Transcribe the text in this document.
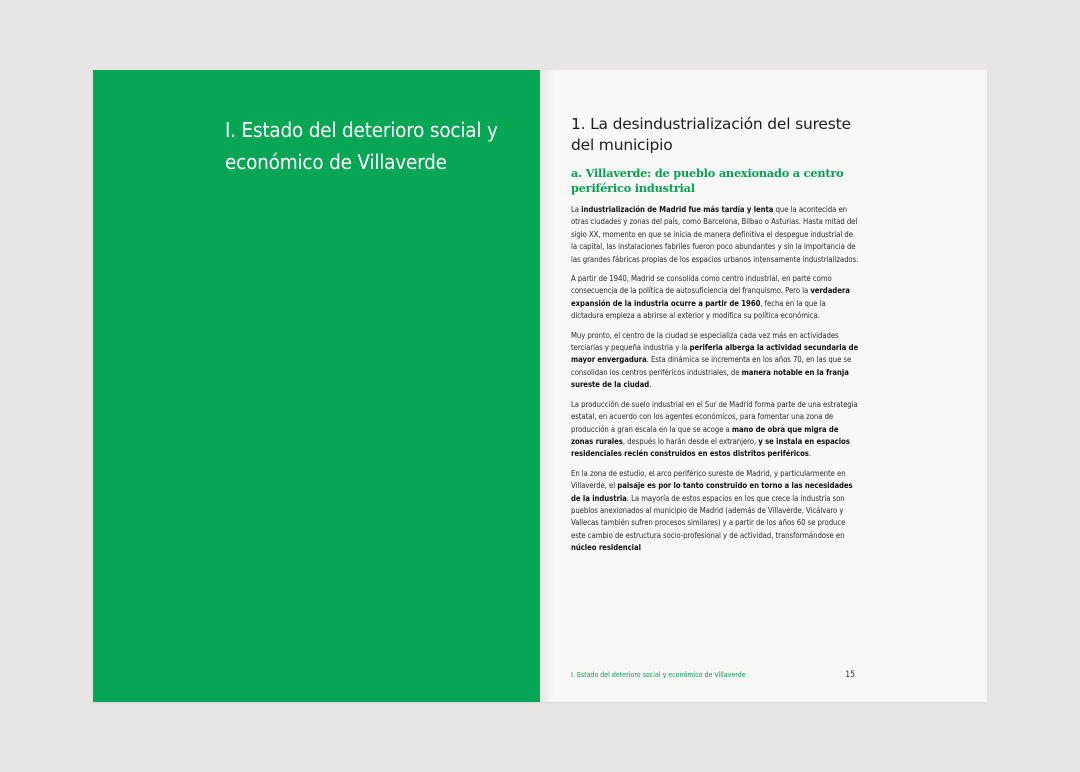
I. Estado del deterioro social y económico de Villaverde
1. La desindustrialización del sureste del municipio
a. Villaverde: de pueblo anexionado a centro periférico industrial

La industrialización de Madrid fue más tardía y lenta que la acontecida en otras ciudades y zonas del país, como Barcelona, Bilbao o Asturias. Hasta mitad del siglo XX, momento en que se inicia de manera definitiva el despegue industrial de la capital, las instalaciones fabriles fueron poco abundantes y sin la importancia de las grandes fábricas propias de los espacios urbanos intensamente industrializados.

A partir de 1940, Madrid se consolida como centro industrial, en parte como consecuencia de la política de autosuficiencia del franquismo. Pero la verdadera expansión de la industria ocurre a partir de 1960, fecha en la que la dictadura empieza a abrirse al exterior y modifica su política económica.

Muy pronto, el centro de la ciudad se especializa cada vez más en actividades terciarias y pequeña industria y la periferia alberga la actividad secundaria de mayor envergadura. Esta dinámica se incrementa en los años 70, en las que se consolidan los centros periféricos industriales, de manera notable en la franja sureste de la ciudad.

La producción de suelo industrial en el Sur de Madrid forma parte de una estrategia estatal, en acuerdo con los agentes económicos, para fomentar una zona de producción a gran escala en la que se acoge a mano de obra que migra de zonas rurales, después lo harán desde el extranjero, y se instala en espacios residenciales recién construidos en estos distritos periféricos.

En la zona de estudio, el arco periférico sureste de Madrid, y particularmente en Villaverde, el paisaje es por lo tanto construido en torno a las necesidades de la industria. La mayoría de estos espacios en los que crece la industria son pueblos anexionados al municipio de Madrid (además de Villaverde, Vicálvaro y Vallecas también sufren procesos similares) y a partir de los años 60 se produce este cambio de estructura socio-profesional y de actividad, transformándose en núcleo residencial

I. Estado del deterioro social y económico de Villaverde	15
